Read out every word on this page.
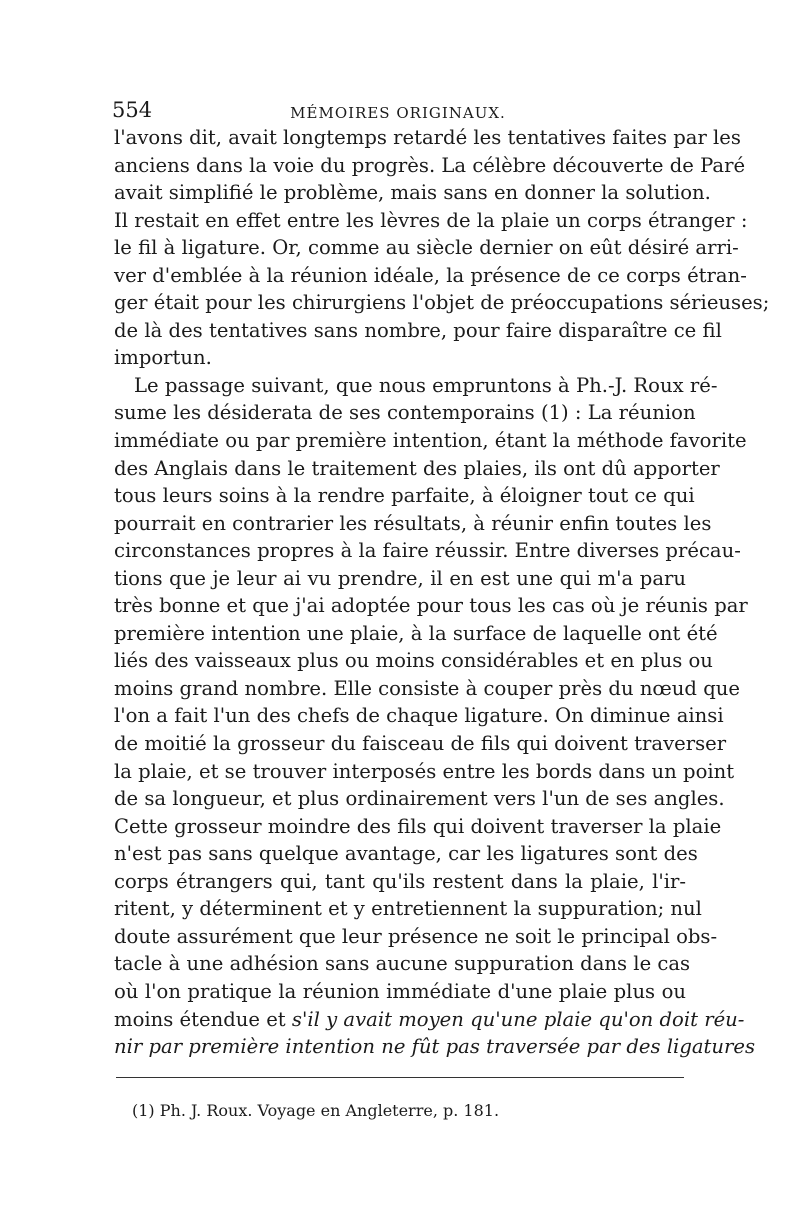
554	MÉMOIRES ORIGINAUX.
l'avons dit, avait longtemps retardé les tentatives faites par les
anciens dans la voie du progrès. La célèbre découverte de Paré
avait simplifié le problème, mais sans en donner la solution.
Il restait en effet entre les lèvres de la plaie un corps étranger :
le fil à ligature. Or, comme au siècle dernier on eût désiré arri-
ver d'emblée à la réunion idéale, la présence de ce corps étran-
ger était pour les chirurgiens l'objet de préoccupations sérieuses;
de là des tentatives sans nombre, pour faire disparaître ce fil
importun.
Le passage suivant, que nous empruntons à Ph.-J. Roux ré-
sume les désiderata de ses contemporains (1) : La réunion
immédiate ou par première intention, étant la méthode favorite
des Anglais dans le traitement des plaies, ils ont dû apporter
tous leurs soins à la rendre parfaite, à éloigner tout ce qui
pourrait en contrarier les résultats, à réunir enfin toutes les
circonstances propres à la faire réussir. Entre diverses précau-
tions que je leur ai vu prendre, il en est une qui m'a paru
très bonne et que j'ai adoptée pour tous les cas où je réunis par
première intention une plaie, à la surface de laquelle ont été
liés des vaisseaux plus ou moins considérables et en plus ou
moins grand nombre. Elle consiste à couper près du nœud que
l'on a fait l'un des chefs de chaque ligature. On diminue ainsi
de moitié la grosseur du faisceau de fils qui doivent traverser
la plaie, et se trouver interposés entre les bords dans un point
de sa longueur, et plus ordinairement vers l'un de ses angles.
Cette grosseur moindre des fils qui doivent traverser la plaie
n'est pas sans quelque avantage, car les ligatures sont des
corps étrangers qui, tant qu'ils restent dans la plaie, l'ir-
ritent, y déterminent et y entretiennent la suppuration; nul
doute assurément que leur présence ne soit le principal obs-
tacle à une adhésion sans aucune suppuration dans le cas
où l'on pratique la réunion immédiate d'une plaie plus ou
moins étendue et s'il y avait moyen qu'une plaie qu'on doit réu-
nir par première intention ne fût pas traversée par des ligatures
(1) Ph. J. Roux. Voyage en Angleterre, p. 181.
